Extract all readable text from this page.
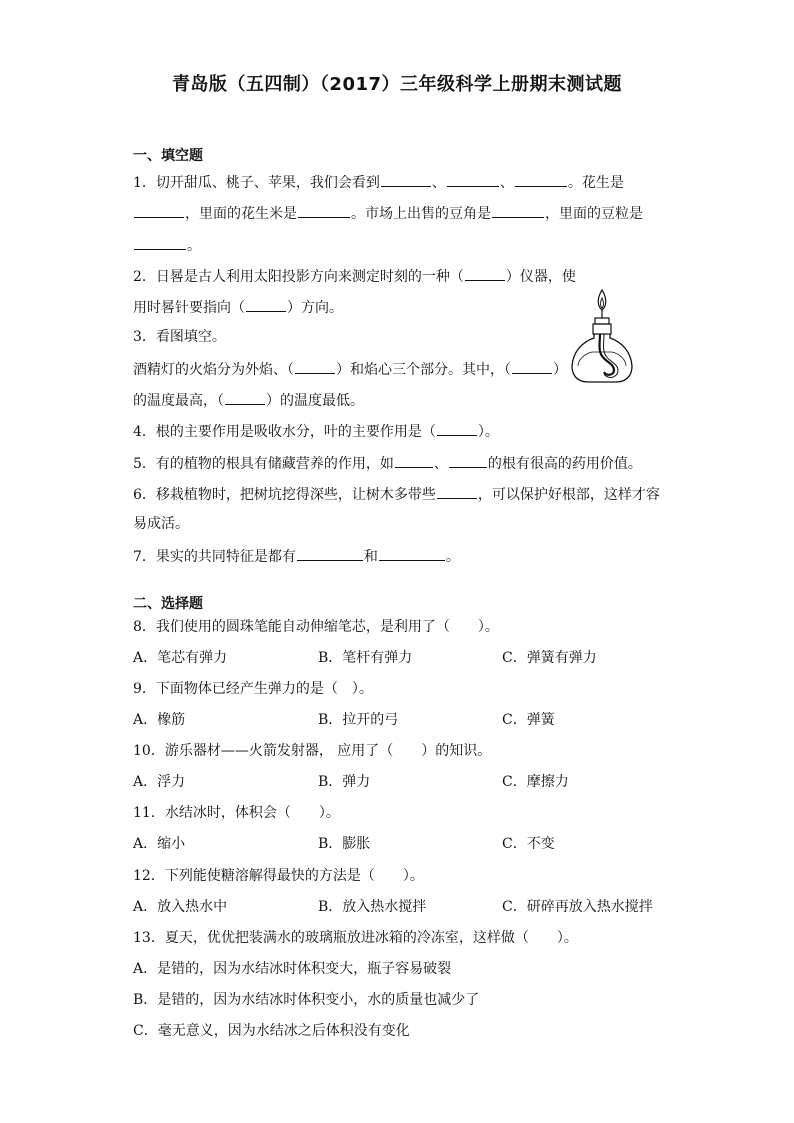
青岛版（五四制）（2017）三年级科学上册期末测试题
一、填空题
1．切开甜瓜、桃子、苹果，我们会看到	、	、	。花生是
，里面的花生米是	。市场上出售的豆角是	，里面的豆粒是
。
2．日晷是古人利用太阳投影方向来测定时刻的一种（	）仪器，使
用时晷针要指向（	）方向。
3．看图填空。
酒精灯的火焰分为外焰、（	）和焰心三个部分。其中，（	）
的温度最高，（	）的温度最低。
4．根的主要作用是吸收水分，叶的主要作用是（	）。
5．有的植物的根具有储藏营养的作用，如	、	的根有很高的药用价值。
6．移栽植物时，把树坑挖得深些，让树木多带些	，可以保护好根部，这样才容
易成活。
7．果实的共同特征是都有	和	。
二、选择题
8．我们使用的圆珠笔能自动伸缩笔芯，是利用了（　　）。
A．笔芯有弹力	B．笔杆有弹力	C．弹簧有弹力
9．下面物体已经产生弹力的是（　）。
A．橡筋	B．拉开的弓	C．弹簧
10．游乐器材——火箭发射器， 应用了（　　）的知识。
A．浮力	B．弹力	C．摩擦力
11．水结冰时，体积会（　　）。
A．缩小	B．膨胀	C．不变
12．下列能使糖溶解得最快的方法是（　　）。
A．放入热水中	B．放入热水搅拌	C．研碎再放入热水搅拌
13．夏天，优优把装满水的玻璃瓶放进冰箱的冷冻室，这样做（　　）。
A．是错的，因为水结冰时体积变大，瓶子容易破裂
B．是错的，因为水结冰时体积变小，水的质量也减少了
C．毫无意义，因为水结冰之后体积没有变化
